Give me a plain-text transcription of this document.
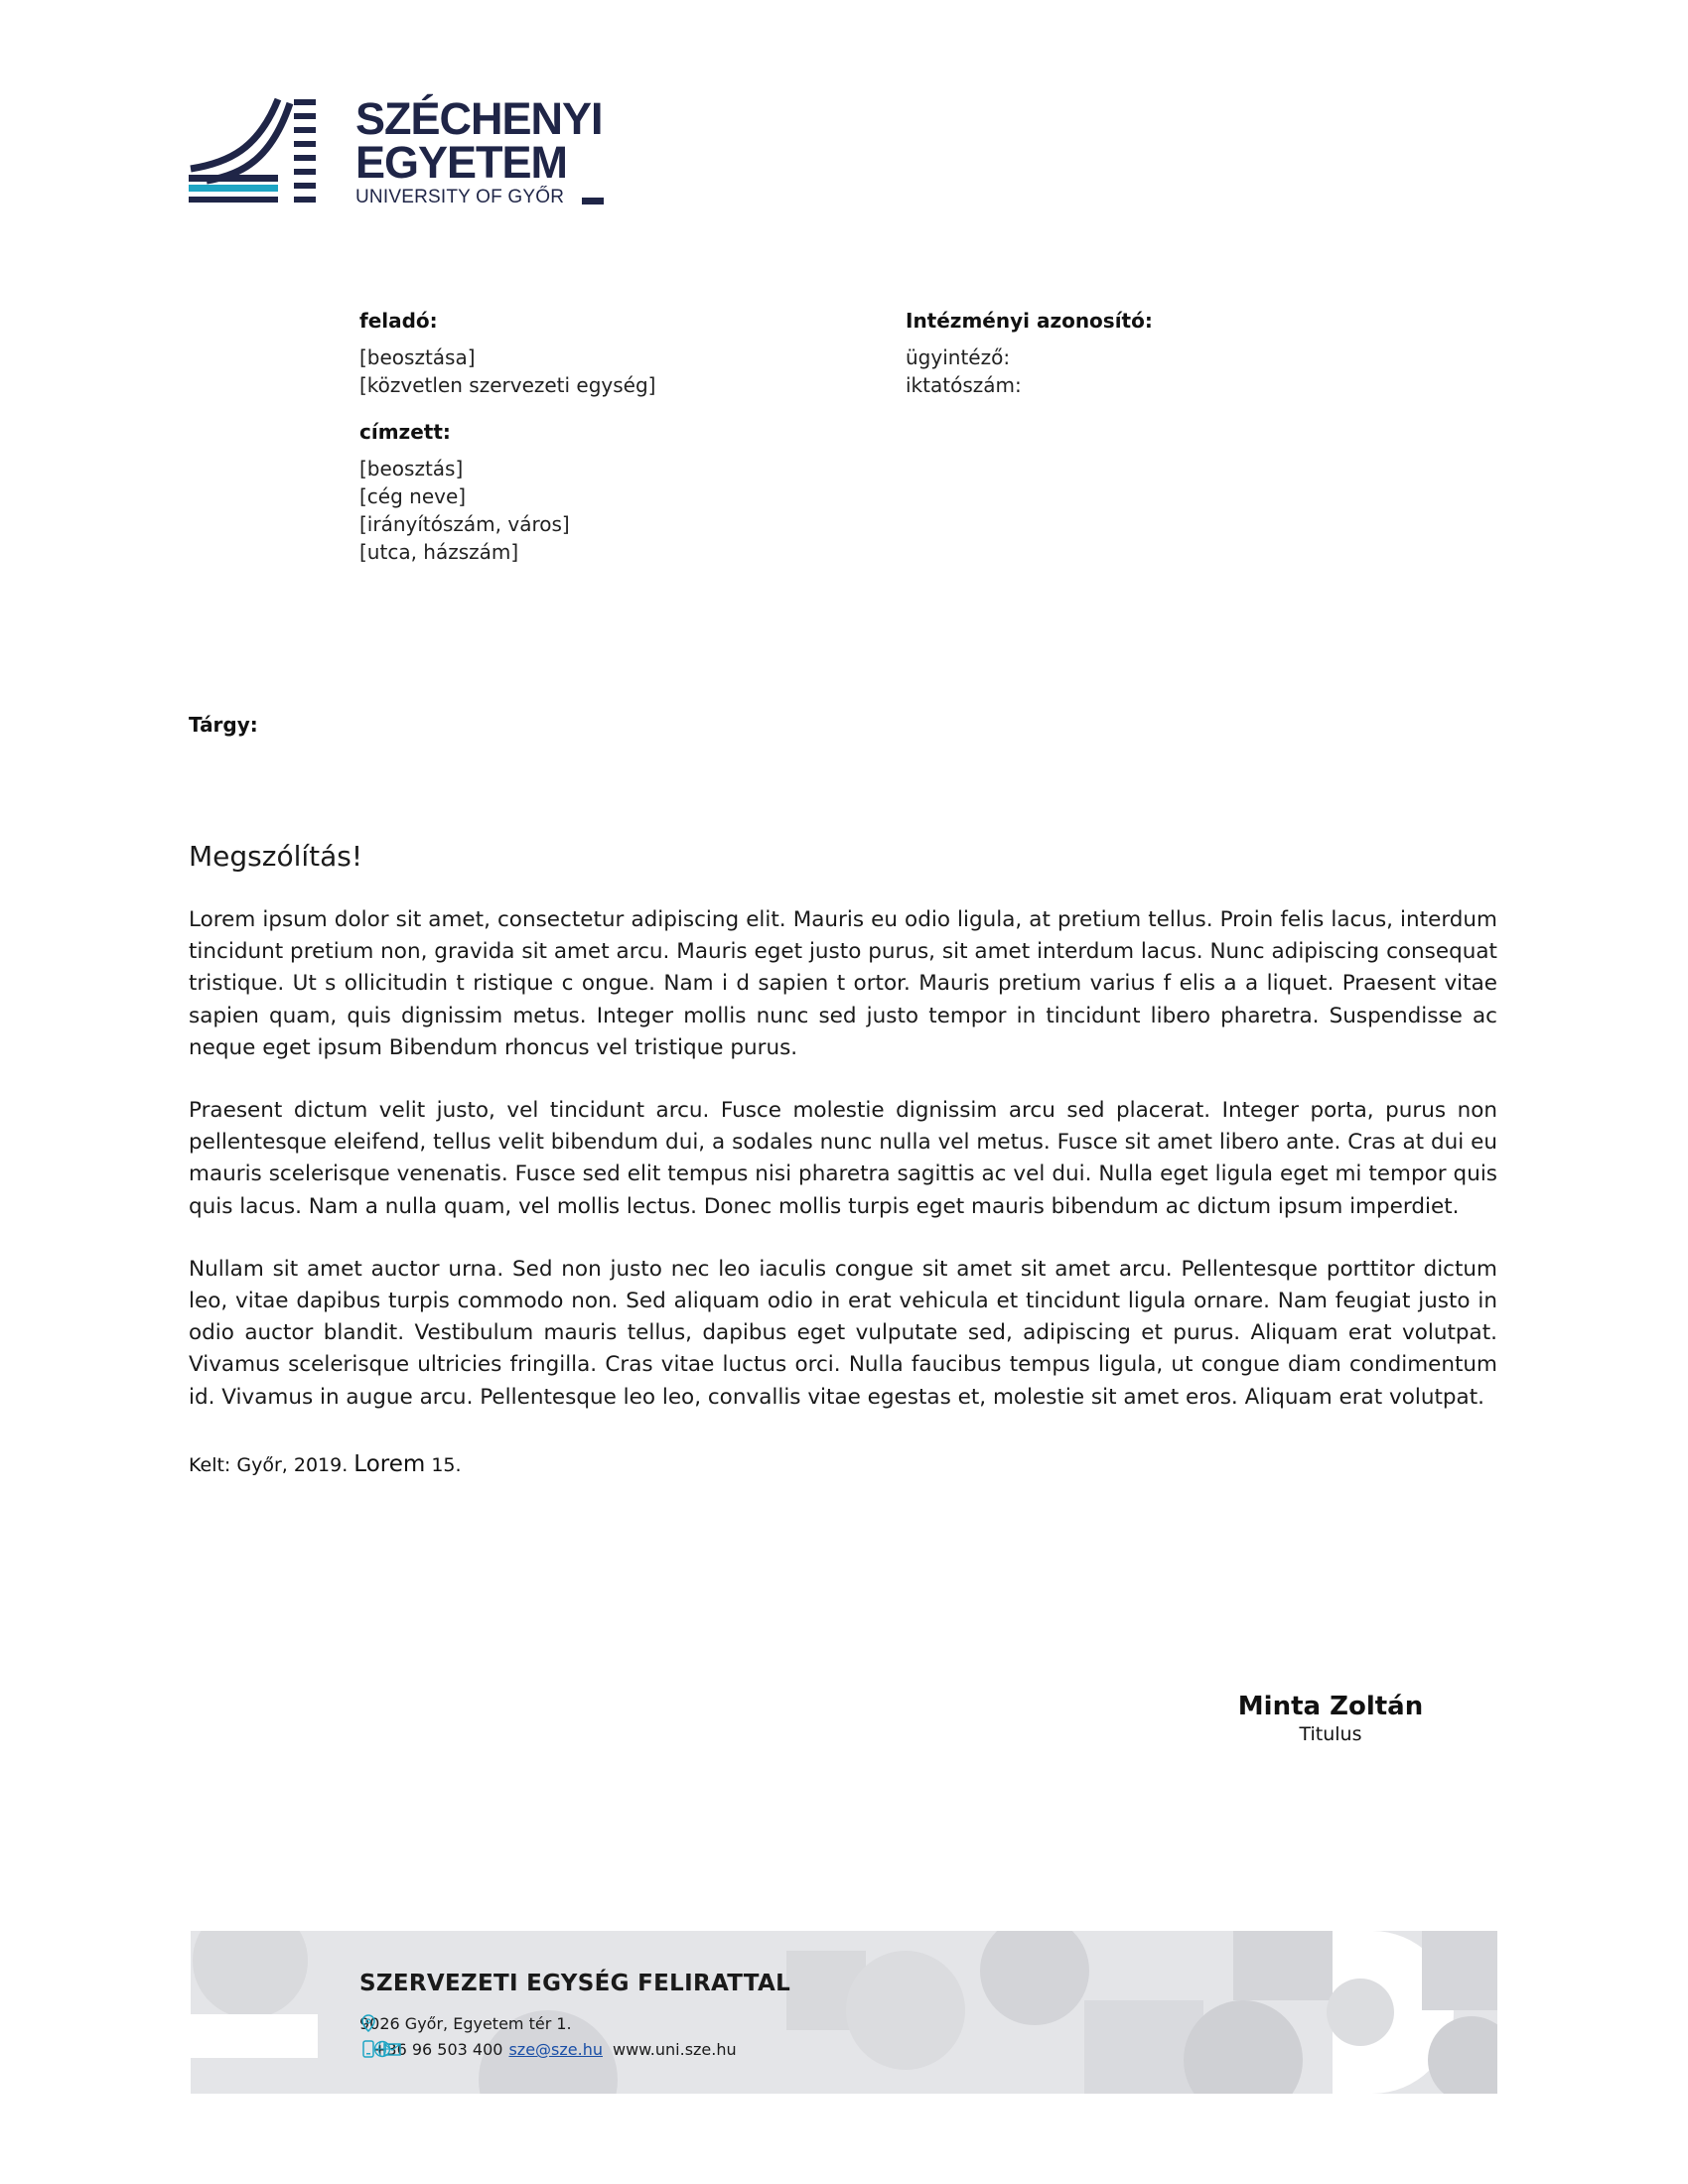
SZÉCHENYI
EGYETEM
UNIVERSITY OF GYŐR
feladó:
[beosztása]
[közvetlen szervezeti egység]
Intézményi azonosító:
ügyintéző:
iktatószám:
címzett:
[beosztás]
[cég neve]
[irányítószám, város]
[utca, házszám]
Tárgy:
Megszólítás!

Lorem ipsum dolor sit amet, consectetur adipiscing elit. Mauris eu odio ligula, at pretium tellus. Proin felis lacus, interdum tincidunt pretium non, gravida sit amet arcu. Mauris eget justo purus, sit amet interdum lacus. Nunc adipiscing consequat tristique. Ut s ollicitudin t ristique c ongue. Nam i d sapien t ortor. Mauris pretium varius f elis a a liquet. Praesent vitae sapien quam, quis dignissim metus. Integer mollis nunc sed justo tempor in tincidunt libero pharetra. Suspendisse ac neque eget ipsum Bibendum rhoncus vel tristique purus.

Praesent dictum velit justo, vel tincidunt arcu. Fusce molestie dignissim arcu sed placerat. Integer porta, purus non pellentesque eleifend, tellus velit bibendum dui, a sodales nunc nulla vel metus. Fusce sit amet libero ante. Cras at dui eu mauris scelerisque venenatis. Fusce sed elit tempus nisi pharetra sagittis ac vel dui. Nulla eget ligula eget mi tempor quis quis lacus. Nam a nulla quam, vel mollis lectus. Donec mollis turpis eget mauris bibendum ac dictum ipsum imperdiet.

Nullam sit amet auctor urna. Sed non justo nec leo iaculis congue sit amet sit amet arcu. Pellentesque porttitor dictum leo, vitae dapibus turpis commodo non. Sed aliquam odio in erat vehicula et tincidunt ligula ornare. Nam feugiat justo in odio auctor blandit. Vestibulum mauris tellus, dapibus eget vulputate sed, adipiscing et purus. Aliquam erat volutpat. Vivamus scelerisque ultricies fringilla. Cras vitae luctus orci. Nulla faucibus tempus ligula, ut congue diam condimentum id. Vivamus in augue arcu. Pellentesque leo leo, convallis vitae egestas et, molestie sit amet eros. Aliquam erat volutpat.

Kelt: Győr, 2019. Lorem 15.
Minta Zoltán
Titulus
SZERVEZETI EGYSÉG FELIRATTAL
9026 Győr, Egyetem tér 1.
+36 96 503 400 sze@sze.hu www.uni.sze.hu
